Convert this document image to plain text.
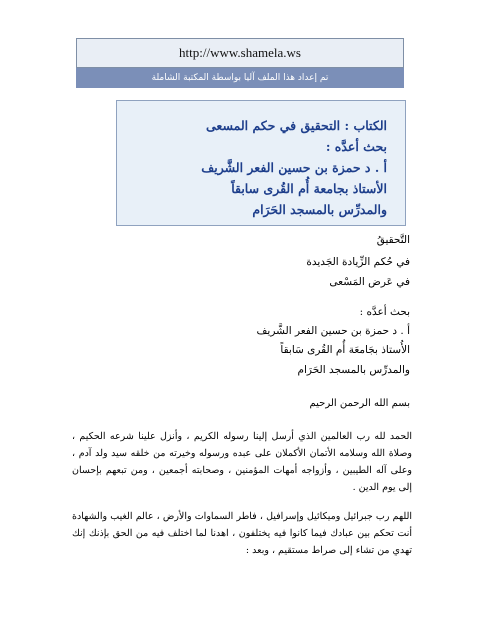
http://www.shamela.ws
تم إعداد هذا الملف آليا بواسطة المكتبة الشاملة
الكتاب : التحقيق في حكم المسعى
بحث أعدَّه :
أ . د حمزة بن حسين الفعر الشَّريف
الأستاذ بجامعة أُم القُرى سابقاً
والمدرِّس بالمسجد الحَرَام
التَّحقيقُ
في حُكم الزِّيادة الجَديدة
في عَرض المَسْعى
بحث أعدَّه :
أ . د حمزة بن حسين الفعر الشَّريف
الأُستاذ بجَامعَة أُم القُرى سَابقاً
والمدرِّس بالمسجد الحَرَام
بسم الله الرحمن الرحيم
الحمد لله رب العالمين الذي أرسل إلينا رسوله الكريم ، وأنزل علينا شرعه الحكيم ، وصلاة الله وسلامه الأتمان الأكملان على عبده ورسوله وخيرته من خلقه سيد ولد آدم ، وعلى آله الطيبين ، وأزواجه أمهات المؤمنين ، وصحابته أجمعين ، ومن تبعهم بإحسان إلى يوم الدين .
اللهم رب جبرائيل وميكائيل وإسرافيل ، فاطر السماوات والأرض ، عالم الغيب والشهادة أنت تحكم بين عبادك فيما كانوا فيه يختلفون ، اهدنا لما اختلف فيه من الحق بإذنك إنك تهدي من تشاء إلى صراط مستقيم ، وبعد :
